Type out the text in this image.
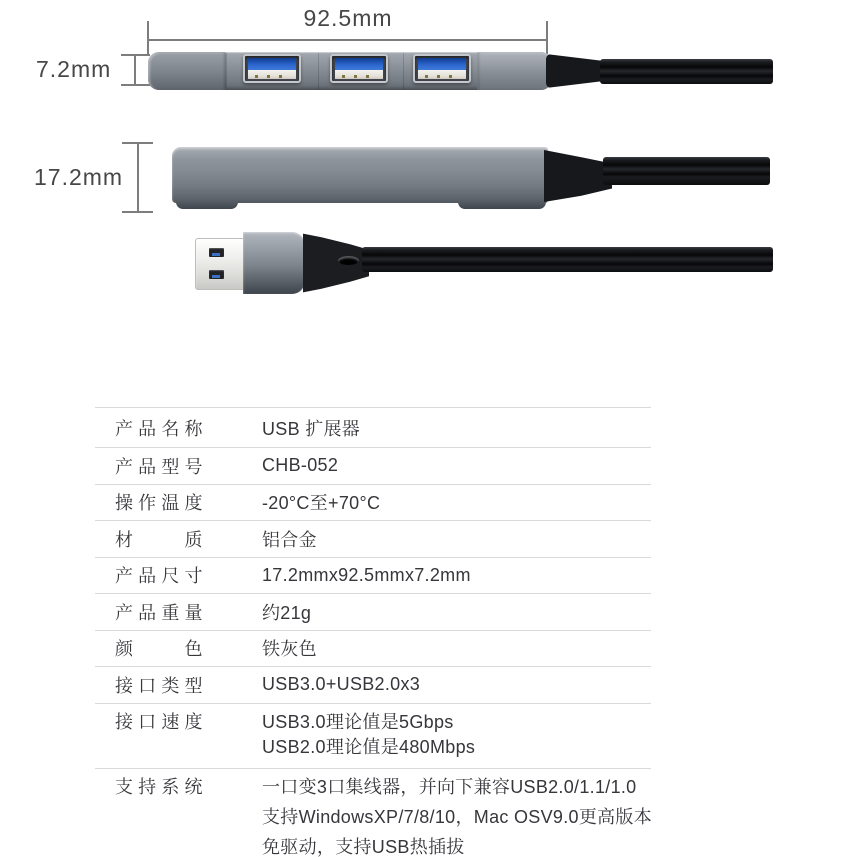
92.5mm
7.2mm
17.2mm
产品名称	USB 扩展器
产品型号	CHB-052
操作温度	-20°C至+70°C
材质	铝合金
产品尺寸	17.2mmx92.5mmx7.2mm
产品重量	约21g
颜色	铁灰色
接口类型	USB3.0+USB2.0x3
接口速度	USB3.0理论值是5Gbps
USB2.0理论值是480Mbps
支持系统	一口变3口集线器，并向下兼容USB2.0/1.1/1.0
支持WindowsXP/7/8/10，Mac OSV9.0更高版本
免驱动，支持USB热插拔
